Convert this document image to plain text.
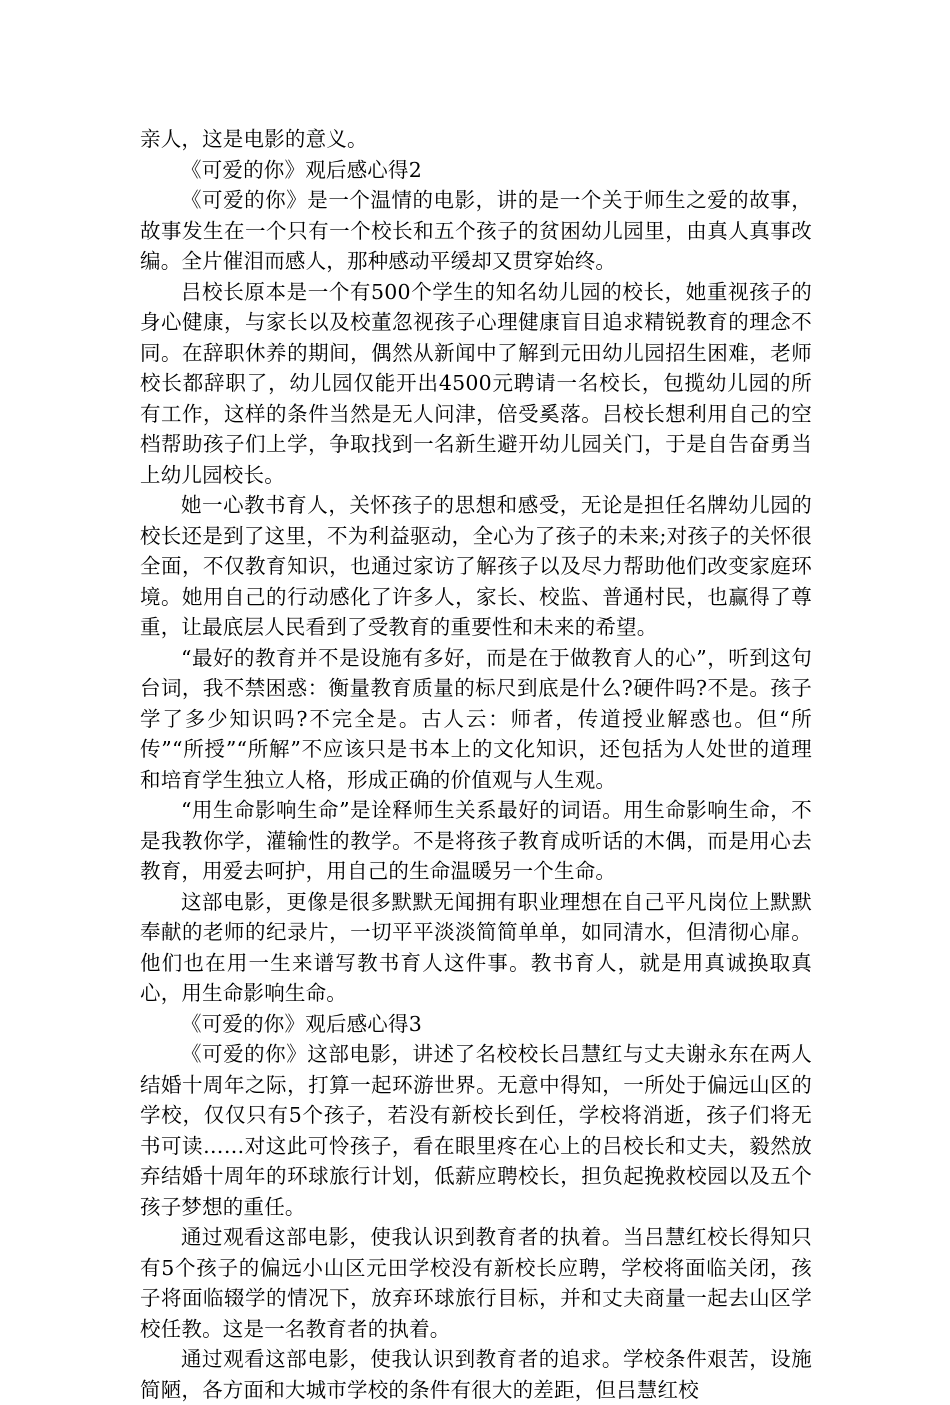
亲人，这是电影的意义。

《可爱的你》观后感心得2

《可爱的你》是一个温情的电影，讲的是一个关于师生之爱的故事，故事发生在一个只有一个校长和五个孩子的贫困幼儿园里，由真人真事改编。全片催泪而感人，那种感动平缓却又贯穿始终。

吕校长原本是一个有500个学生的知名幼儿园的校长，她重视孩子的身心健康，与家长以及校董忽视孩子心理健康盲目追求精锐教育的理念不同。在辞职休养的期间，偶然从新闻中了解到元田幼儿园招生困难，老师校长都辞职了，幼儿园仅能开出4500元聘请一名校长，包揽幼儿园的所有工作，这样的条件当然是无人问津，倍受奚落。吕校长想利用自己的空档帮助孩子们上学，争取找到一名新生避开幼儿园关门，于是自告奋勇当上幼儿园校长。

她一心教书育人，关怀孩子的思想和感受，无论是担任名牌幼儿园的校长还是到了这里，不为利益驱动，全心为了孩子的未来;对孩子的关怀很全面，不仅教育知识，也通过家访了解孩子以及尽力帮助他们改变家庭环境。她用自己的行动感化了许多人，家长、校监、普通村民，也赢得了尊重，让最底层人民看到了受教育的重要性和未来的希望。

“最好的教育并不是设施有多好，而是在于做教育人的心”，听到这句台词，我不禁困惑：衡量教育质量的标尺到底是什么?硬件吗?不是。孩子学了多少知识吗?不完全是。古人云：师者，传道授业解惑也。但“所传”“所授”“所解”不应该只是书本上的文化知识，还包括为人处世的道理和培育学生独立人格，形成正确的价值观与人生观。

“用生命影响生命”是诠释师生关系最好的词语。用生命影响生命，不是我教你学，灌输性的教学。不是将孩子教育成听话的木偶，而是用心去教育，用爱去呵护，用自己的生命温暖另一个生命。

这部电影，更像是很多默默无闻拥有职业理想在自己平凡岗位上默默奉献的老师的纪录片，一切平平淡淡简简单单，如同清水，但清彻心扉。他们也在用一生来谱写教书育人这件事。教书育人，就是用真诚换取真心，用生命影响生命。

《可爱的你》观后感心得3

《可爱的你》这部电影，讲述了名校校长吕慧红与丈夫谢永东在两人结婚十周年之际，打算一起环游世界。无意中得知，一所处于偏远山区的学校，仅仅只有5个孩子，若没有新校长到任，学校将消逝，孩子们将无书可读……对这此可怜孩子，看在眼里疼在心上的吕校长和丈夫，毅然放弃结婚十周年的环球旅行计划，低薪应聘校长，担负起挽救校园以及五个孩子梦想的重任。

通过观看这部电影，使我认识到教育者的执着。当吕慧红校长得知只有5个孩子的偏远小山区元田学校没有新校长应聘，学校将面临关闭，孩子将面临辍学的情况下，放弃环球旅行目标，并和丈夫商量一起去山区学校任教。这是一名教育者的执着。

通过观看这部电影，使我认识到教育者的追求。学校条件艰苦，设施简陋，各方面和大城市学校的条件有很大的差距，但吕慧红校
